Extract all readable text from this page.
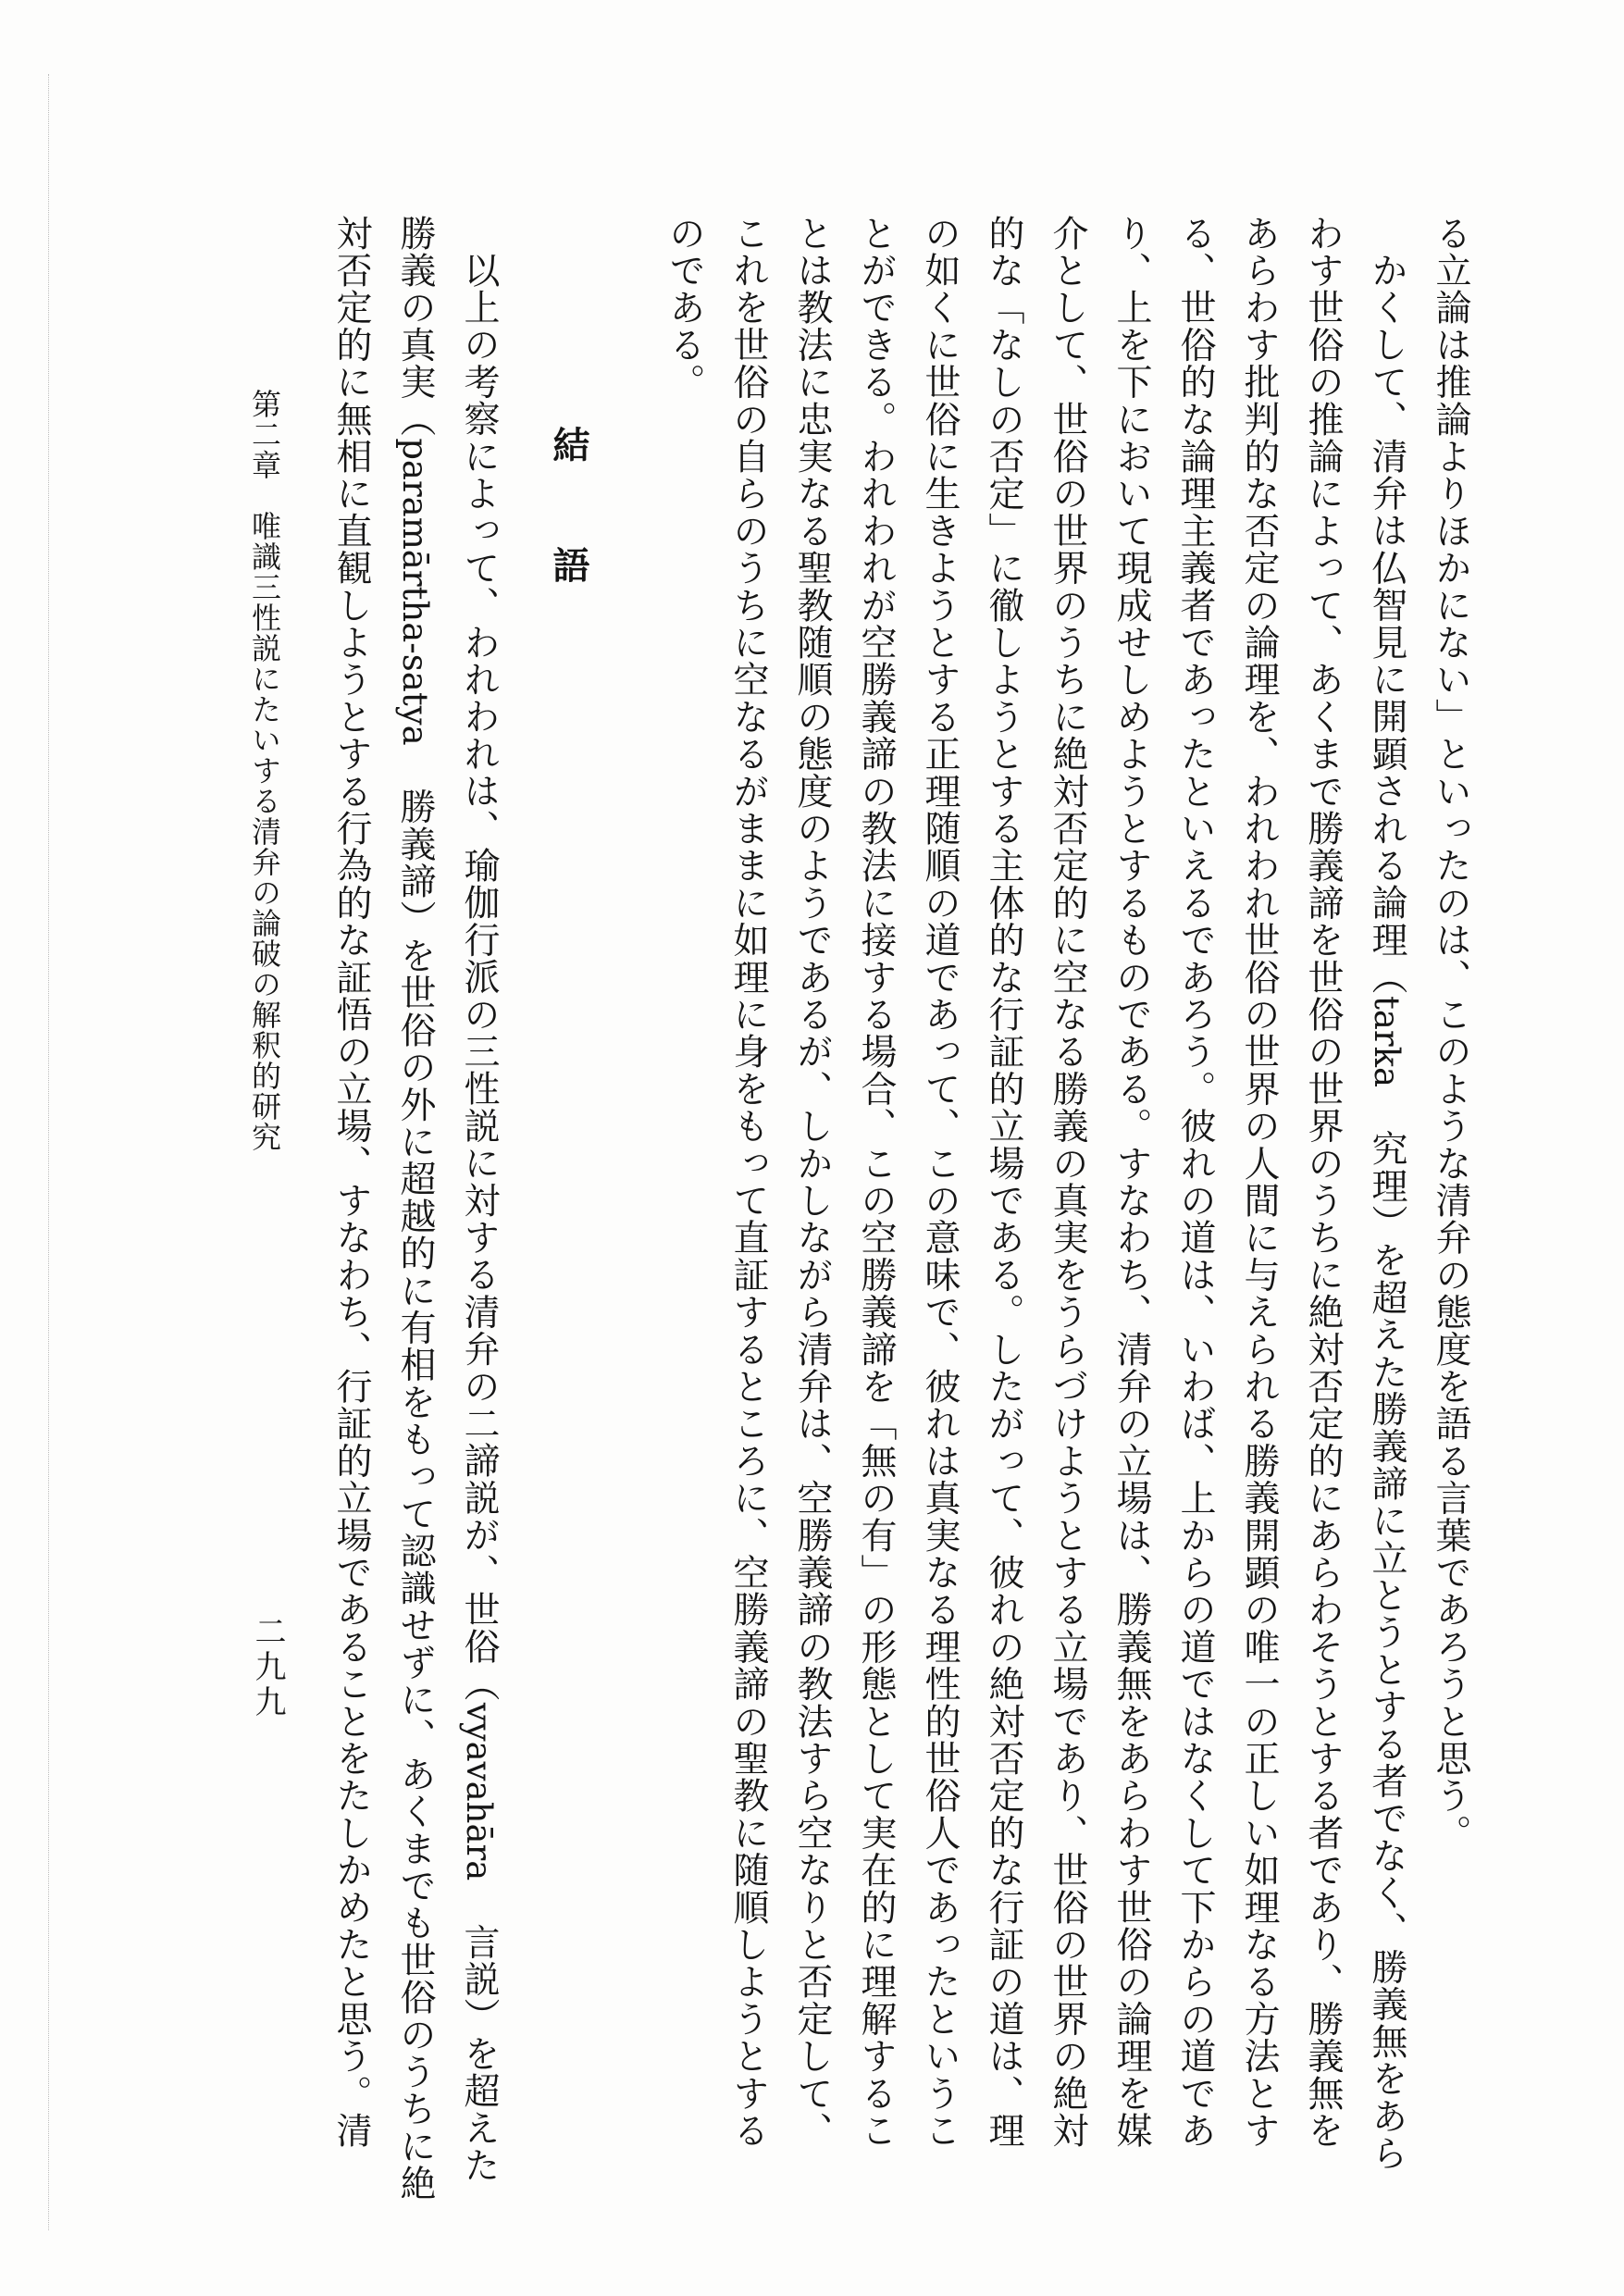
る立論は推論よりほかにない」といったのは、このような清弁の態度を語る言葉であろうと思う。
かくして、清弁は仏智見に開顕される論理（tarka 究理）を超えた勝義諦に立とうとする者でなく、勝義無をあら
わす世俗の推論によって、あくまで勝義諦を世俗の世界のうちに絶対否定的にあらわそうとする者であり、勝義無を
あらわす批判的な否定の論理を、われわれ世俗の世界の人間に与えられる勝義開顕の唯一の正しい如理なる方法とす
る、世俗的な論理主義者であったといえるであろう。彼れの道は、いわば、上からの道ではなくして下からの道であ
り、上を下において現成せしめようとするものである。すなわち、清弁の立場は、勝義無をあらわす世俗の論理を媒
介として、世俗の世界のうちに絶対否定的に空なる勝義の真実をうらづけようとする立場であり、世俗の世界の絶対
的な「なしの否定」に徹しようとする主体的な行証的立場である。したがって、彼れの絶対否定的な行証の道は、理
の如くに世俗に生きようとする正理随順の道であって、この意味で、彼れは真実なる理性的世俗人であったというこ
とができる。われわれが空勝義諦の教法に接する場合、この空勝義諦を「無の有」の形態として実在的に理解するこ
とは教法に忠実なる聖教随順の態度のようであるが、しかしながら清弁は、空勝義諦の教法すら空なりと否定して、
これを世俗の自らのうちに空なるがままに如理に身をもって直証するところに、空勝義諦の聖教に随順しようとする
のである。
結語
以上の考察によって、われわれは、瑜伽行派の三性説に対する清弁の二諦説が、世俗（vyavahāra 言説）を超えた
勝義の真実（paramārtha-satya 勝義諦）を世俗の外に超越的に有相をもって認識せずに、あくまでも世俗のうちに絶
対否定的に無相に直観しようとする行為的な証悟の立場、すなわち、行証的立場であることをたしかめたと思う。清
第二章　唯識三性説にたいする清弁の論破の解釈的研究
二九九
